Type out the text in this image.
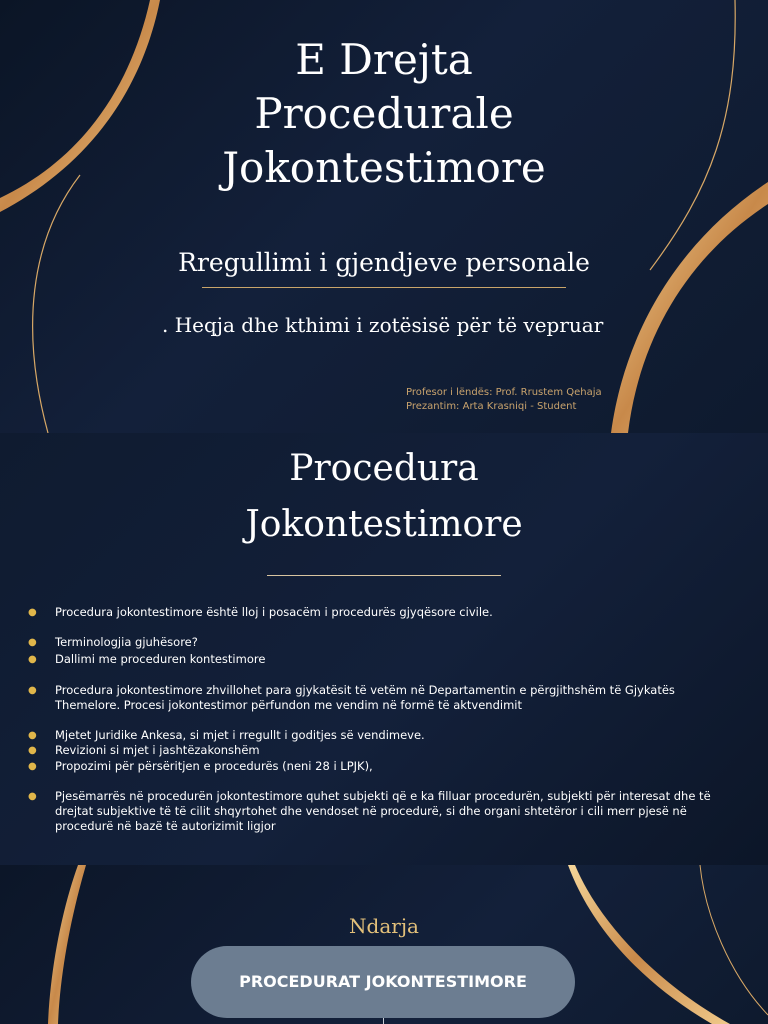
E Drejta
Procedurale
Jokontestimore
Rregullimi i gjendjeve personale
. Heqja dhe kthimi i zotësisë për të vepruar
Profesor i lëndës: Prof. Rrustem Qehaja
Prezantim: Arta Krasniqi - Student
Procedura
Jokontestimore
● Procedura jokontestimore është lloj i posacëm i procedurës gjyqësore civile.
● Terminologjia gjuhësore?
● Dallimi me proceduren kontestimore
● Procedura jokontestimore zhvillohet para gjykatësit të vetëm në Departamentin e përgjithshëm të Gjykatës
Themelore. Procesi jokontestimor përfundon me vendim në formë të aktvendimit
● Mjetet Juridike Ankesa, si mjet i rregullt i goditjes së vendimeve.
● Revizioni si mjet i jashtëzakonshëm
● Propozimi për përsëritjen e procedurës (neni 28 i LPJK),
● Pjesëmarrës në procedurën jokontestimore quhet subjekti që e ka filluar procedurën, subjekti për interesat dhe të
drejtat subjektive të të cilit shqyrtohet dhe vendoset në procedurë, si dhe organi shtetëror i cili merr pjesë në
procedurë në bazë të autorizimit ligjor
Ndarja
PROCEDURAT JOKONTESTIMORE
